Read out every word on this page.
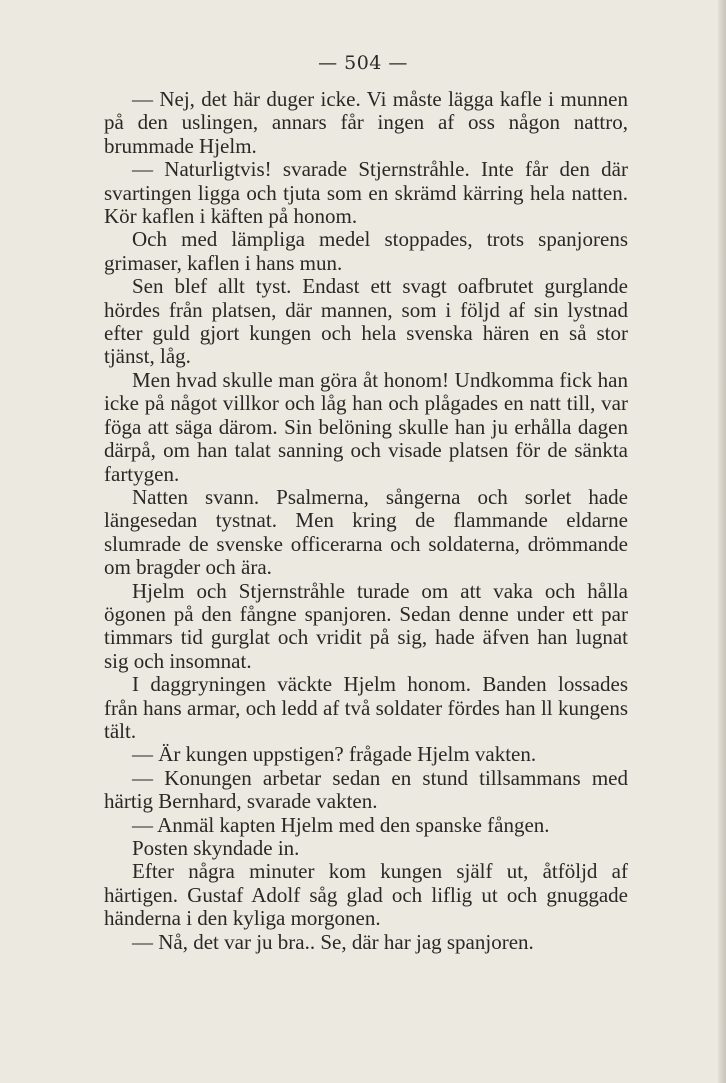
— 504 —

— Nej, det här duger icke. Vi måste lägga kafle i munnen på den uslingen, annars får ingen af oss någon nattro, brummade Hjelm.

— Naturligtvis! svarade Stjernstråhle. Inte får den där svartingen ligga och tjuta som en skrämd kärring hela natten. Kör kaflen i käften på honom.

Och med lämpliga medel stoppades, trots spanjorens grimaser, kaflen i hans mun.

Sen blef allt tyst. Endast ett svagt oafbrutet gurglande hördes från platsen, där mannen, som i följd af sin lystnad efter guld gjort kungen och hela svenska hären en så stor tjänst, låg.

Men hvad skulle man göra åt honom! Undkomma fick han icke på något villkor och låg han och plågades en natt till, var föga att säga därom. Sin belöning skulle han ju erhålla dagen därpå, om han talat sanning och visade platsen för de sänkta fartygen.

Natten svann. Psalmerna, sångerna och sorlet hade längesedan tystnat. Men kring de flammande eldarne slumrade de svenske officerarna och soldaterna, drömmande om bragder och ära.

Hjelm och Stjernstråhle turade om att vaka och hålla ögonen på den fångne spanjoren. Sedan denne under ett par timmars tid gurglat och vridit på sig, hade äfven han lugnat sig och insomnat.

I daggryningen väckte Hjelm honom. Banden lossades från hans armar, och ledd af två soldater fördes han ll kungens tält.

— Är kungen uppstigen? frågade Hjelm vakten.

— Konungen arbetar sedan en stund tillsammans med härtig Bernhard, svarade vakten.

— Anmäl kapten Hjelm med den spanske fången.

Posten skyndade in.

Efter några minuter kom kungen själf ut, åtföljd af härtigen. Gustaf Adolf såg glad och liflig ut och gnuggade händerna i den kyliga morgonen.

— Nå, det var ju bra.. Se, där har jag spanjoren.
